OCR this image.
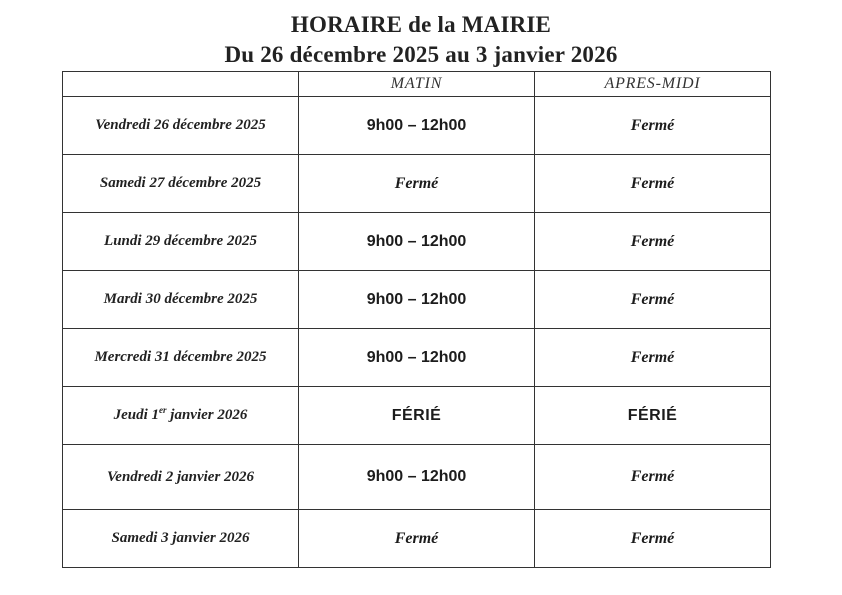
HORAIRE de la MAIRIE
Du 26 décembre 2025 au 3 janvier 2026
	MATIN	APRES-MIDI
Vendredi 26 décembre 2025	9h00 – 12h00	Fermé
Samedi 27 décembre 2025	Fermé	Fermé
Lundi 29 décembre 2025	9h00 – 12h00	Fermé
Mardi 30 décembre 2025	9h00 – 12h00	Fermé
Mercredi 31 décembre 2025	9h00 – 12h00	Fermé
Jeudi 1er janvier 2026	FÉRIÉ	FÉRIÉ
Vendredi 2 janvier 2026	9h00 – 12h00	Fermé
Samedi 3 janvier 2026	Fermé	Fermé
